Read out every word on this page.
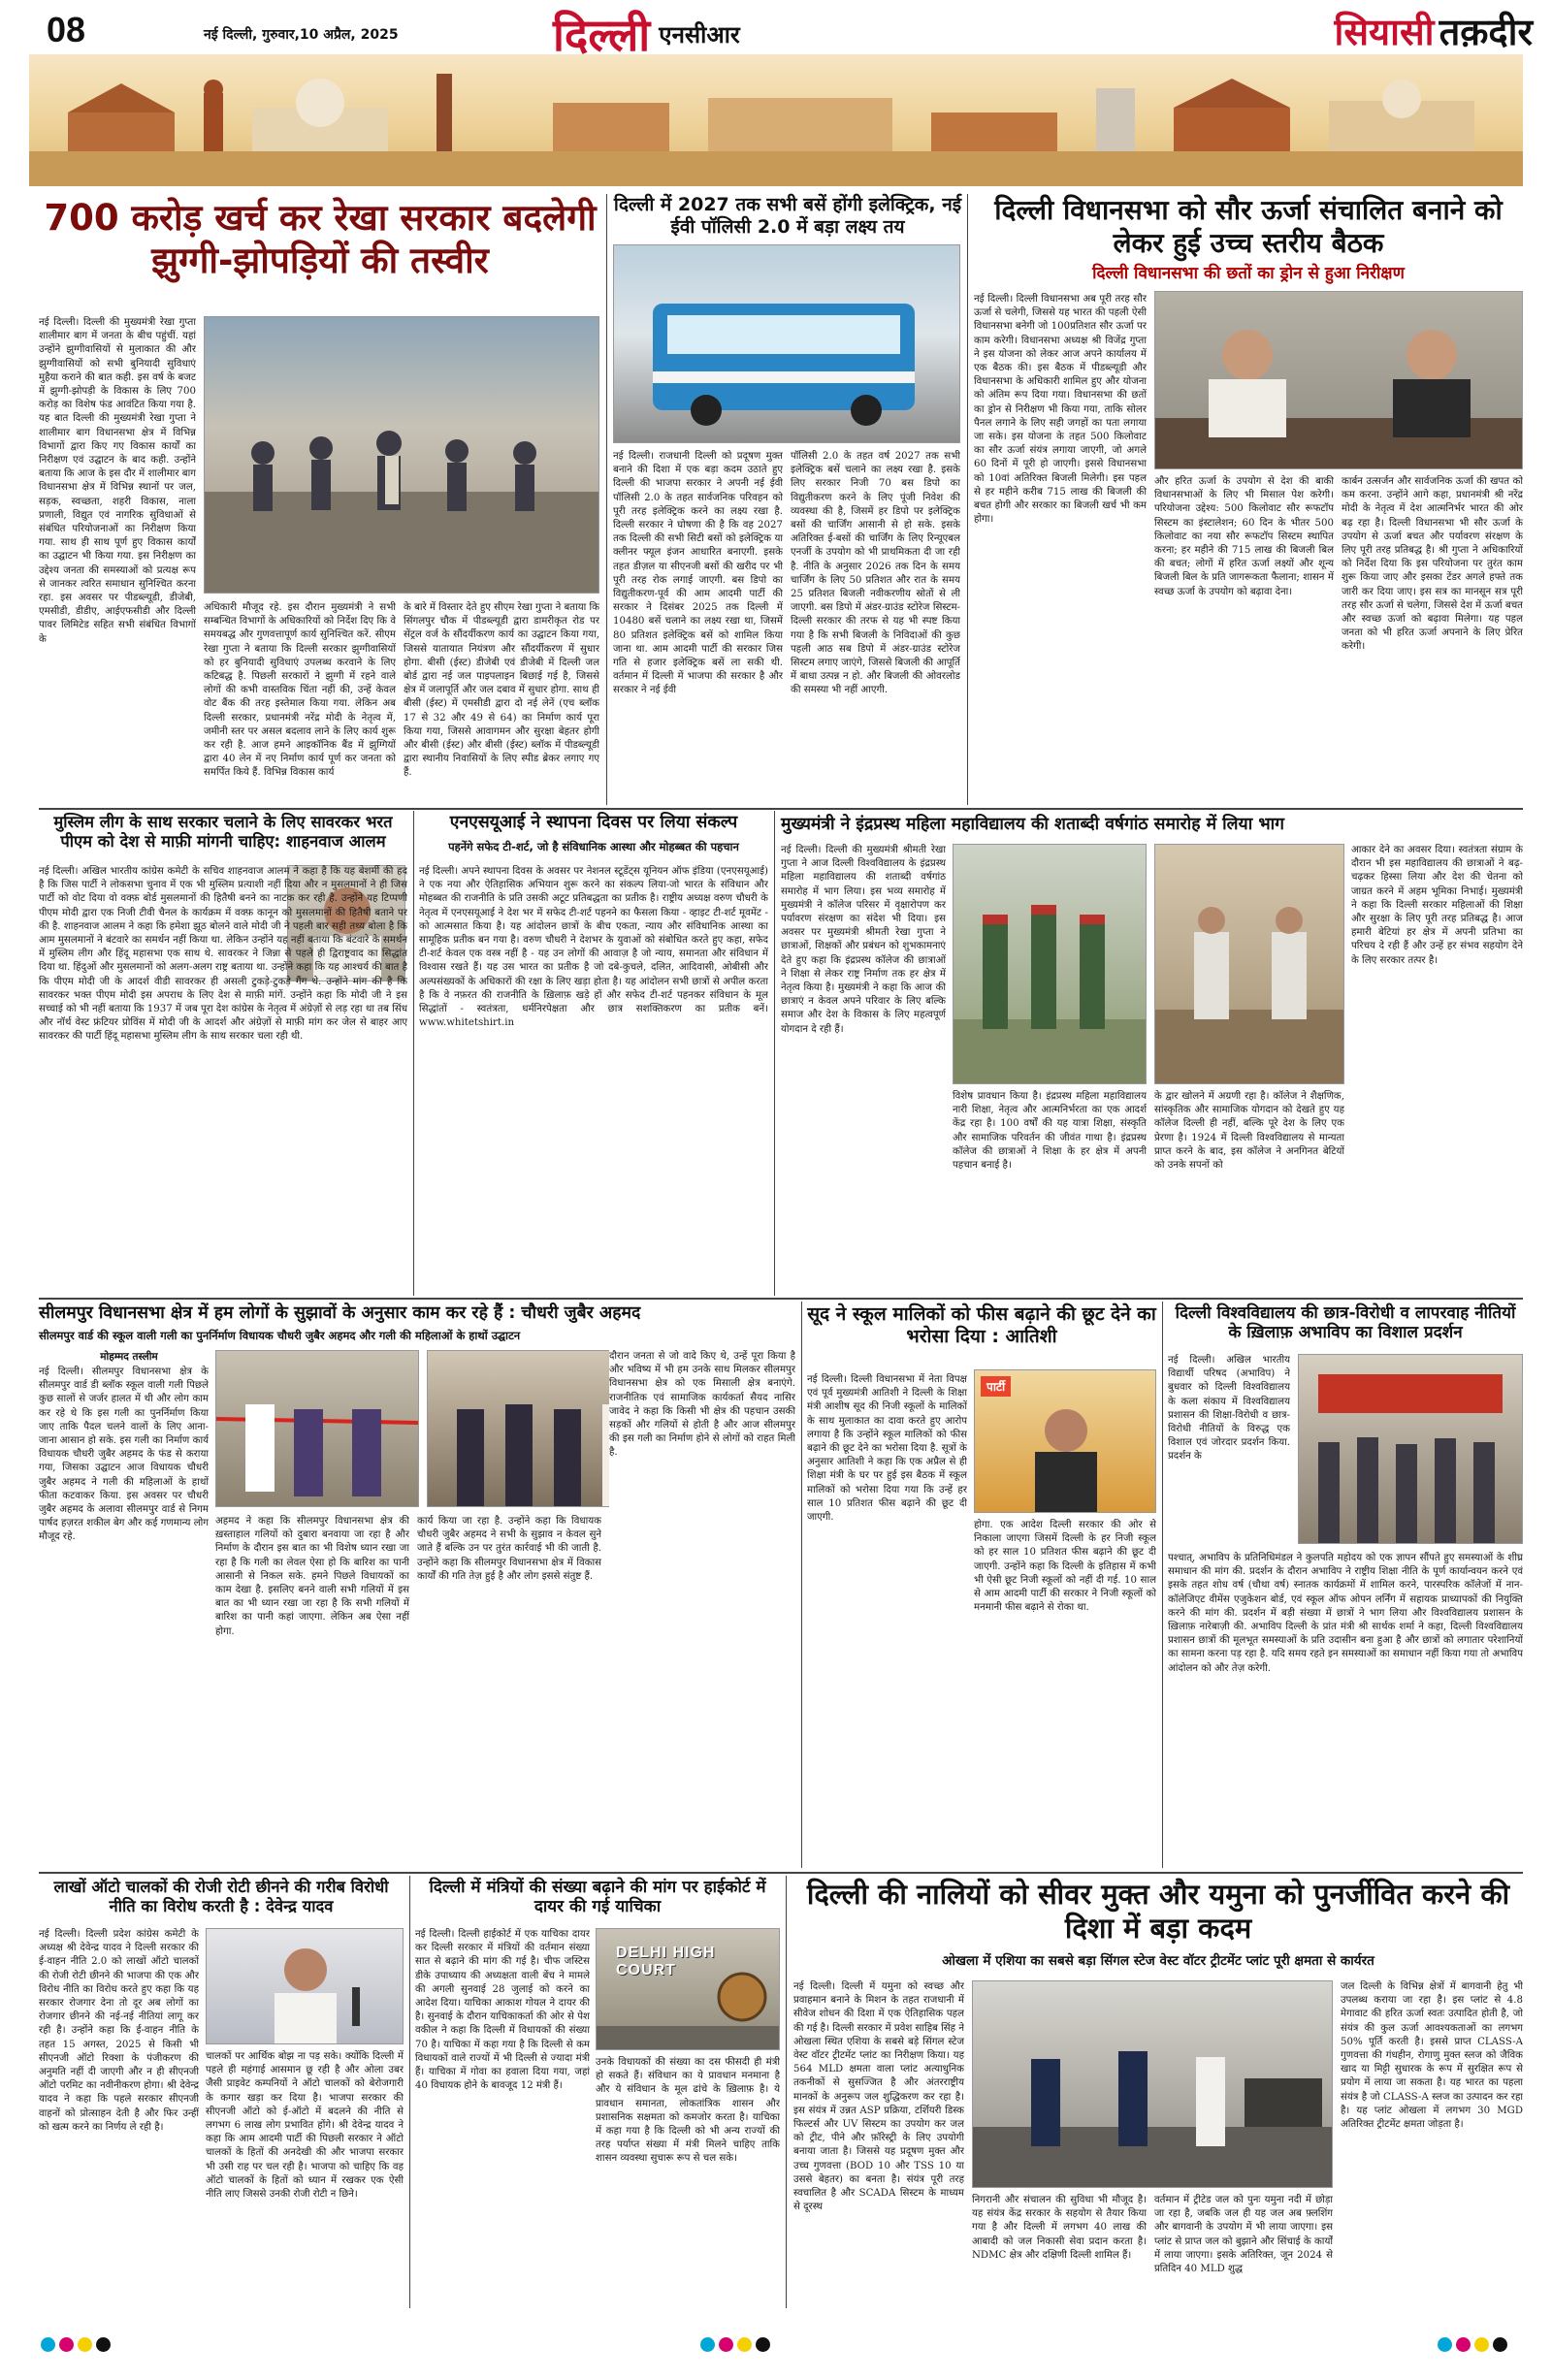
08	नई दिल्ली, गुरुवार,10 अप्रैल, 2025	दिल्ली एनसीआर	सियासी तक़दीर
700 करोड़ खर्च कर रेखा सरकार बदलेगी झुग्गी-झोपड़ियों की तस्वीर
नई दिल्ली। दिल्ली की मुख्यमंत्री रेखा गुप्ता शालीमार बाग में जनता के बीच पहुंचीं. यहां उन्होंने झुग्गीवासियों से मुलाकात की और झुग्गीवासियों को सभी बुनियादी सुविधाएं मुहैया कराने की बात कही. इस वर्ष के बजट में झुग्गी-झोपड़ी के विकास के लिए 700 करोड़ का विशेष फंड आवंटित किया गया है. यह बात दिल्ली की मुख्यमंत्री रेखा गुप्ता ने शालीमार बाग विधानसभा क्षेत्र में विभिन्न विभागों द्वारा किए गए विकास कार्यों का निरीक्षण एवं उद्घाटन के बाद कही. उन्होंने बताया कि आज के इस दौर में शालीमार बाग विधानसभा क्षेत्र में विभिन्न स्थानों पर जल, सड़क, स्वच्छता, शहरी विकास, नाला प्रणाली, विद्युत एवं नागरिक सुविधाओं से संबंधित परियोजनाओं का निरीक्षण किया गया. साथ ही साथ पूर्ण हुए विकास कार्यों का उद्घाटन भी किया गया. इस निरीक्षण का उद्देश्य जनता की समस्याओं को प्रत्यक्ष रूप से जानकर त्वरित समाधान सुनिश्चित करना रहा. इस अवसर पर पीडब्ल्यूडी, डीजेबी, एमसीडी, डीडीए, आईएफसीडी और दिल्ली पावर लिमिटेड सहित सभी संबंधित विभागों के
अधिकारी मौजूद रहे. इस दौरान मुख्यमंत्री ने सभी सम्बन्धित विभागों के अधिकारियों को निर्देश दिए कि वे समयबद्ध और गुणवत्तापूर्ण कार्य सुनिश्चित करें. सीएम रेखा गुप्ता ने बताया कि दिल्ली सरकार झुग्गीवासियों को हर बुनियादी सुविधाएं उपलब्ध करवाने के लिए कटिबद्ध है. पिछली सरकारों ने झुग्गी में रहने वाले लोगों की कभी वास्तविक चिंता नहीं की, उन्हें केवल वोट बैंक की तरह इस्तेमाल किया गया. लेकिन अब दिल्ली सरकार, प्रधानमंत्री नरेंद्र मोदी के नेतृत्व में, जमीनी स्तर पर असल बदलाव लाने के लिए कार्य शुरू कर रही है. आज हमने आइकॉनिक बैंड में झुग्गियों द्वारा 40 लेन में नए निर्माण कार्य पूर्ण कर जनता को समर्पित किये हैं. विभिन्न विकास कार्य
के बारे में विस्तार देते हुए सीएम रेखा गुप्ता ने बताया कि सिंगलपुर चौक में पीडब्ल्यूडी द्वारा डामरीकृत रोड पर सेंट्रल वर्ज के सौंदर्यीकरण कार्य का उद्घाटन किया गया, जिससे यातायात नियंत्रण और सौंदर्यीकरण में सुधार होगा. बीसी (ईस्ट) डीजेबी एवं डीजेबी में दिल्ली जल बोर्ड द्वारा नई जल पाइपलाइन बिछाई गई है, जिससे क्षेत्र में जलापूर्ति और जल दबाव में सुधार होगा. साथ ही बीसी (ईस्ट) में एमसीडी द्वारा दो नई लेनें (एच ब्लॉक 17 से 32 और 49 से 64) का निर्माण कार्य पूरा किया गया, जिससे आवागमन और सुरक्षा बेहतर होगी और बीसी (ईस्ट) और बीसी (ईस्ट) ब्लॉक में पीडब्ल्यूडी द्वारा स्थानीय निवासियों के लिए स्पीड ब्रेकर लगाए गए हैं.
दिल्ली में 2027 तक सभी बसें होंगी इलेक्ट्रिक, नई ईवी पॉलिसी 2.0 में बड़ा लक्ष्य तय
नई दिल्ली। राजधानी दिल्ली को प्रदूषण मुक्त बनाने की दिशा में एक बड़ा कदम उठाते हुए दिल्ली की भाजपा सरकार ने अपनी नई ईवी पॉलिसी 2.0 के तहत सार्वजनिक परिवहन को पूरी तरह इलेक्ट्रिक करने का लक्ष्य रखा है. दिल्ली सरकार ने घोषणा की है कि वह 2027 तक दिल्ली की सभी सिटी बसों को इलेक्ट्रिक या क्लीनर फ्यूल इंजन आधारित बनाएगी. इसके तहत डीज़ल या सीएनजी बसों की खरीद पर भी पूरी तरह रोक लगाई जाएगी. बस डिपो का विद्युतीकरण-पूर्व की आम आदमी पार्टी की सरकार ने दिसंबर 2025 तक दिल्ली में 10480 बसें चलाने का लक्ष्य रखा था, जिसमें 80 प्रतिशत इलेक्ट्रिक बसें को शामिल किया जाना था. आम आदमी पार्टी की सरकार जिस गति से हजार इलेक्ट्रिक बसें ला सकी थी. वर्तमान में दिल्ली में भाजपा की सरकार है और सरकार ने नई ईवी
पॉलिसी 2.0 के तहत वर्ष 2027 तक सभी इलेक्ट्रिक बसें चलाने का लक्ष्य रखा है. इसके लिए सरकार निजी 70 बस डिपो का विद्युतीकरण करने के लिए पूंजी निवेश की व्यवस्था की है, जिसमें हर डिपो पर इलेक्ट्रिक बसों की चार्जिंग आसानी से हो सके. इसके अतिरिक्त ई-बसों की चार्जिंग के लिए रिन्यूएबल एनर्जी के उपयोग को भी प्राथमिकता दी जा रही है. नीति के अनुसार 2026 तक दिन के समय चार्जिंग के लिए 50 प्रतिशत और रात के समय 25 प्रतिशत बिजली नवीकरणीय स्रोतों से ली जाएगी. बस डिपो में अंडर-ग्राउंड स्टोरेज सिस्टम- दिल्ली सरकार की तरफ से यह भी स्पष्ट किया गया है कि सभी बिजली के निविदाओं की कुछ पहली आठ सब डिपो में अंडर-ग्राउंड स्टोरेज सिस्टम लगाए जाएंगे, जिससे बिजली की आपूर्ति में बाधा उत्पन्न न हो. और बिजली की ओवरलोड की समस्या भी नहीं आएगी.
दिल्ली विधानसभा को सौर ऊर्जा संचालित बनाने को लेकर हुई उच्च स्तरीय बैठक
दिल्ली विधानसभा की छतों का ड्रोन से हुआ निरीक्षण
नई दिल्ली। दिल्ली विधानसभा अब पूरी तरह सौर ऊर्जा से चलेगी, जिससे यह भारत की पहली ऐसी विधानसभा बनेगी जो 100प्रतिशत सौर ऊर्जा पर काम करेगी। विधानसभा अध्यक्ष श्री विजेंद्र गुप्ता ने इस योजना को लेकर आज अपने कार्यालय में एक बैठक की। इस बैठक में पीडब्ल्यूडी और विधानसभा के अधिकारी शामिल हुए और योजना को अंतिम रूप दिया गया। विधानसभा की छतों का ड्रोन से निरीक्षण भी किया गया, ताकि सोलर पैनल लगाने के लिए सही जगहों का पता लगाया जा सके। इस योजना के तहत 500 किलोवाट का सौर ऊर्जा संयंत्र लगाया जाएगी, जो अगले 60 दिनों में पूरी हो जाएगी। इससे विधानसभा को 10वां अतिरिक्त बिजली मिलेगी। इस पहल से हर महीने करीब 715 लाख की बिजली की बचत होगी और सरकार का बिजली खर्च भी कम होगा।
और हरित ऊर्जा के उपयोग से देश की बाकी विधानसभाओं के लिए भी मिसाल पेश करेगी। परियोजना उद्देश्य: 500 किलोवाट सौर रूफटॉप सिस्टम का इंस्टालेशन; 60 दिन के भीतर 500 किलोवाट का नया सौर रूफटॉप सिस्टम स्थापित करना; हर महीने की 715 लाख की बिजली बिल की बचत; लोगों में हरित ऊर्जा लक्ष्यों और शून्य बिजली बिल के प्रति जागरूकता फैलाना; शासन में स्वच्छ ऊर्जा के उपयोग को बढ़ावा देना।
कार्बन उत्सर्जन और सार्वजनिक ऊर्जा की खपत को कम करना. उन्होंने आगे कहा, प्रधानमंत्री श्री नरेंद्र मोदी के नेतृत्व में देश आत्मनिर्भर भारत की ओर बढ़ रहा है। दिल्ली विधानसभा भी सौर ऊर्जा के उपयोग से ऊर्जा बचत और पर्यावरण संरक्षण के लिए पूरी तरह प्रतिबद्ध है। श्री गुप्ता ने अधिकारियों को निर्देश दिया कि इस परियोजना पर तुरंत काम शुरू किया जाए और इसका टेंडर अगले हफ्ते तक जारी कर दिया जाए। इस सत्र का मानसून सत्र पूरी तरह सौर ऊर्जा से चलेगा, जिससे देश में ऊर्जा बचत और स्वच्छ ऊर्जा को बढ़ावा मिलेगा। यह पहल जनता को भी हरित ऊर्जा अपनाने के लिए प्रेरित करेगी।
मुस्लिम लीग के साथ सरकार चलाने के लिए सावरकर भरत पीएम को देश से माफ़ी मांगनी चाहिए: शाहनवाज आलम
नई दिल्ली। अखिल भारतीय कांग्रेस कमेटी के सचिव शाहनवाज आलम ने कहा है कि यह बेशर्मी की हद है कि जिस पार्टी ने लोकसभा चुनाव में एक भी मुस्लिम प्रत्याशी नहीं दिया और न मुसलमानों ने ही जिस पार्टी को वोट दिया वो वक्फ़ बोर्ड मुसलमानों की हितैषी बनने का नाटक कर रही है. उन्होंने यह टिप्पणी पीएम मोदी द्वारा एक निजी टीवी चैनल के कार्यक्रम में वक्फ़ कानून को मुसलमानों की हितैषी बताने पर की है. शाहनवाज आलम ने कहा कि हमेशा झूठ बोलने वाले मोदी जी ने पहली बार सही तथ्य बोला है कि आम मुसलमानों ने बंटवारे का समर्थन नहीं किया था. लेकिन उन्होंने यह नहीं बताया कि बंटवारे के समर्थन में मुस्लिम लीग और हिंदू महासभा एक साथ थे. सावरकर ने जिन्ना से पहले ही द्विराष्ट्रवाद का सिद्धांत दिया था. हिंदुओं और मुसलमानों को अलग-अलग राष्ट्र बताया था. उन्होंने कहा कि यह आश्चर्य की बात है कि पीएम मोदी जी के आदर्श वीडी सावरकर ही असली टुकड़े-टुकड़े गैंग थे. उन्होंने मांग की है कि सावरकर भक्त पीएम मोदी इस अपराध के लिए देश से माफ़ी मांगें. उन्होंने कहा कि मोदी जी ने इस सच्चाई को भी नहीं बताया कि 1937 में जब पूरा देश कांग्रेस के नेतृत्व में अंग्रेज़ों से लड़ रहा था तब सिंध और नॉर्थ वेस्ट फ्रंटियर प्रोविंस में मोदी जी के आदर्श और अंग्रेज़ों से माफ़ी मांग कर जेल से बाहर आए सावरकर की पार्टी हिंदू महासभा मुस्लिम लीग के साथ सरकार चला रही थी.
एनएसयूआई ने स्थापना दिवस पर लिया संकल्प
पहनेंगे सफेद टी-शर्ट, जो है संविधानिक आस्था और मोहब्बत की पहचान
नई दिल्ली। अपने स्थापना दिवस के अवसर पर नेशनल स्टूडेंट्स यूनियन ऑफ इंडिया (एनएसयूआई) ने एक नया और ऐतिहासिक अभियान शुरू करने का संकल्प लिया-जो भारत के संविधान और मोहब्बत की राजनीति के प्रति उसकी अटूट प्रतिबद्धता का प्रतीक है। राष्ट्रीय अध्यक्ष वरुण चौधरी के नेतृत्व में एनएसयूआई ने देश भर में सफेद टी-शर्ट पहनने का फैसला किया - व्हाइट टी-शर्ट मूवमेंट - को आत्मसात किया है। यह आंदोलन छात्रों के बीच एकता, न्याय और संविधानिक आस्था का सामूहिक प्रतीक बन गया है। वरुण चौधरी ने देशभर के युवाओं को संबोधित करते हुए कहा, सफेद टी-शर्ट केवल एक वस्त्र नहीं है - यह उन लोगों की आवाज़ है जो न्याय, समानता और संविधान में विश्वास रखते हैं। यह उस भारत का प्रतीक है जो दबे-कुचले, दलित, आदिवासी, ओबीसी और अल्पसंख्यकों के अधिकारों की रक्षा के लिए खड़ा होता है। यह आंदोलन सभी छात्रों से अपील करता है कि वे नफ़रत की राजनीति के ख़िलाफ़ खड़े हों और सफेद टी-शर्ट पहनकर संविधान के मूल सिद्धांतों - स्वतंत्रता, धर्मनिरपेक्षता और छात्र सशक्तिकरण का प्रतीक बनें। www.whitetshirt.in
मुख्यमंत्री ने इंद्रप्रस्थ महिला महाविद्यालय की शताब्दी वर्षगांठ समारोह में लिया भाग
नई दिल्ली। दिल्ली की मुख्यमंत्री श्रीमती रेखा गुप्ता ने आज दिल्ली विश्वविद्यालय के इंद्रप्रस्थ महिला महाविद्यालय की शताब्दी वर्षगांठ समारोह में भाग लिया। इस भव्य समारोह में मुख्यमंत्री ने कॉलेज परिसर में वृक्षारोपण कर पर्यावरण संरक्षण का संदेश भी दिया। इस अवसर पर मुख्यमंत्री श्रीमती रेखा गुप्ता ने छात्राओं, शिक्षकों और प्रबंधन को शुभकामनाएं देते हुए कहा कि इंद्रप्रस्थ कॉलेज की छात्राओं ने शिक्षा से लेकर राष्ट्र निर्माण तक हर क्षेत्र में नेतृत्व किया है। मुख्यमंत्री ने कहा कि आज की छात्राएं न केवल अपने परिवार के लिए बल्कि समाज और देश के विकास के लिए महत्वपूर्ण योगदान दे रही हैं।
विशेष प्रावधान किया है। इंद्रप्रस्थ महिला महाविद्यालय नारी शिक्षा, नेतृत्व और आत्मनिर्भरता का एक आदर्श केंद्र रहा है। 100 वर्षों की यह यात्रा शिक्षा, संस्कृति और सामाजिक परिवर्तन की जीवंत गाथा है। इंद्रप्रस्थ कॉलेज की छात्राओं ने शिक्षा के हर क्षेत्र में अपनी पहचान बनाई है।
के द्वार खोलने में अग्रणी रहा है। कॉलेज ने शैक्षणिक, सांस्कृतिक और सामाजिक योगदान को देखते हुए यह कॉलेज दिल्ली ही नहीं, बल्कि पूरे देश के लिए एक प्रेरणा है। 1924 में दिल्ली विश्वविद्यालय से मान्यता प्राप्त करने के बाद, इस कॉलेज ने अनगिनत बेटियों को उनके सपनों को
आकार देने का अवसर दिया। स्वतंत्रता संग्राम के दौरान भी इस महाविद्यालय की छात्राओं ने बढ़-चढ़कर हिस्सा लिया और देश की चेतना को जाग्रत करने में अहम भूमिका निभाई। मुख्यमंत्री ने कहा कि दिल्ली सरकार महिलाओं की शिक्षा और सुरक्षा के लिए पूरी तरह प्रतिबद्ध है। आज हमारी बेटियां हर क्षेत्र में अपनी प्रतिभा का परिचय दे रही हैं और उन्हें हर संभव सहयोग देने के लिए सरकार तत्पर है।
सीलमपुर विधानसभा क्षेत्र में हम लोगों के सुझावों के अनुसार काम कर रहे हैं : चौधरी जुबैर अहमद
सीलमपुर वार्ड की स्कूल वाली गली का पुनर्निर्माण विधायक चौधरी जुबैर अहमद और गली की महिलाओं के हाथों उद्घाटन
मोहम्मद तस्लीम
नई दिल्ली। सीलमपुर विधानसभा क्षेत्र के सीलमपुर वार्ड डी ब्लॉक स्कूल वाली गली पिछले कुछ सालों से जर्जर हालत में थी और लोग काम कर रहे थे कि इस गली का पुनर्निर्माण किया जाए ताकि पैदल चलने वालों के लिए आना-जाना आसान हो सके. इस गली का निर्माण कार्य विधायक चौधरी जुबैर अहमद के फंड से कराया गया, जिसका उद्घाटन आज विधायक चौधरी जुबैर अहमद ने गली की महिलाओं के हाथों फीता कटवाकर किया. इस अवसर पर चौधरी जुबैर अहमद के अलावा सीलमपुर वार्ड से निगम पार्षद हज़रत शकील बेग और कई गणमान्य लोग मौजूद रहे.
अहमद ने कहा कि सीलमपुर विधानसभा क्षेत्र की ख़स्ताहाल गलियों को दुबारा बनवाया जा रहा है और निर्माण के दौरान इस बात का भी विशेष ध्यान रखा जा रहा है कि गली का लेवल ऐसा हो कि बारिश का पानी आसानी से निकल सके. हमने पिछले विधायकों का काम देखा है. इसलिए बनने वाली सभी गलियों में इस बात का भी ध्यान रखा जा रहा है कि सभी गलियों में बारिश का पानी कहां जाएगा. लेकिन अब ऐसा नहीं होगा.
कार्य किया जा रहा है. उन्होंने कहा कि विधायक चौधरी जुबैर अहमद ने सभी के सुझाव न केवल सुने जाते हैं बल्कि उन पर तुरंत कार्रवाई भी की जाती है. उन्होंने कहा कि सीलमपुर विधानसभा क्षेत्र में विकास कार्यों की गति तेज़ हुई है और लोग इससे संतुष्ट हैं.
दौरान जनता से जो वादे किए थे, उन्हें पूरा किया है और भविष्य में भी हम उनके साथ मिलकर सीलमपुर विधानसभा क्षेत्र को एक मिसाली क्षेत्र बनाएंगे. राजनीतिक एवं सामाजिक कार्यकर्ता सैयद नासिर जावेद ने कहा कि किसी भी क्षेत्र की पहचान उसकी सड़कों और गलियों से होती है और आज सीलमपुर की इस गली का निर्माण होने से लोगों को राहत मिली है.
सूद ने स्कूल मालिकों को फीस बढ़ाने की छूट देने का भरोसा दिया : आतिशी
नई दिल्ली। दिल्ली विधानसभा में नेता विपक्ष एवं पूर्व मुख्यमंत्री आतिशी ने दिल्ली के शिक्षा मंत्री आशीष सूद की निजी स्कूलों के मालिकों के साथ मुलाकात का दावा करते हुए आरोप लगाया है कि उन्होंने स्कूल मालिकों को फीस बढ़ाने की छूट देने का भरोसा दिया है. सूत्रों के अनुसार आतिशी ने कहा कि एक अप्रैल से ही शिक्षा मंत्री के घर पर हुई इस बैठक में स्कूल मालिकों को भरोसा दिया गया कि उन्हें हर साल 10 प्रतिशत फीस बढ़ाने की छूट दी जाएगी.
पार्टी
होगा. एक आदेश दिल्ली सरकार की ओर से निकाला जाएगा जिसमें दिल्ली के हर निजी स्कूल को हर साल 10 प्रतिशत फीस बढ़ाने की छूट दी जाएगी. उन्होंने कहा कि दिल्ली के इतिहास में कभी भी ऐसी छूट निजी स्कूलों को नहीं दी गई. 10 साल से आम आदमी पार्टी की सरकार ने निजी स्कूलों को मनमानी फीस बढ़ाने से रोका था.
दिल्ली विश्वविद्यालय की छात्र-विरोधी व लापरवाह नीतियों के ख़िलाफ़ अभाविप का विशाल प्रदर्शन
नई दिल्ली। अखिल भारतीय विद्यार्थी परिषद (अभाविप) ने बुधवार को दिल्ली विश्वविद्यालय के कला संकाय में विश्वविद्यालय प्रशासन की शिक्षा-विरोधी व छात्र-विरोधी नीतियों के विरुद्ध एक विशाल एवं जोरदार प्रदर्शन किया. प्रदर्शन के
पश्चात्, अभाविप के प्रतिनिधिमंडल ने कुलपति महोदय को एक ज्ञापन सौंपते हुए समस्याओं के शीघ्र समाधान की मांग की. प्रदर्शन के दौरान अभाविप ने राष्ट्रीय शिक्षा नीति के पूर्ण कार्यान्वयन करने एवं इसके तहत शोध वर्ष (चौथा वर्ष) स्नातक कार्यक्रमों में शामिल करने, पारस्परिक कॉलेजों में नान-कॉलेजिएट वीमेंस एजुकेशन बोर्ड, एवं स्कूल ऑफ ओपन लर्निंग में सहायक प्राध्यापकों की नियुक्ति करने की मांग की. प्रदर्शन में बड़ी संख्या में छात्रों ने भाग लिया और विश्वविद्यालय प्रशासन के ख़िलाफ़ नारेबाज़ी की. अभाविप दिल्ली के प्रांत मंत्री श्री सार्थक शर्मा ने कहा, दिल्ली विश्वविद्यालय प्रशासन छात्रों की मूलभूत समस्याओं के प्रति उदासीन बना हुआ है और छात्रों को लगातार परेशानियों का सामना करना पड़ रहा है. यदि समय रहते इन समस्याओं का समाधान नहीं किया गया तो अभाविप आंदोलन को और तेज़ करेगी.
लाखों ऑटो चालकों की रोजी रोटी छीनने की गरीब विरोधी नीति का विरोध करती है : देवेन्द्र यादव
नई दिल्ली। दिल्ली प्रदेश कांग्रेस कमेटी के अध्यक्ष श्री देवेन्द्र यादव ने दिल्ली सरकार की ई-वाहन नीति 2.0 को लाखों ऑटो चालकों की रोजी रोटी छीनने की भाजपा की एक और विरोध नीति का विरोध करते हुए कहा कि यह सरकार रोजगार देना तो दूर अब लोगों का रोजगार छीनने की नई-नई नीतियां लागू कर रही है। उन्होंने कहा कि ई-वाहन नीति के तहत 15 अगस्त, 2025 से किसी भी सीएनजी ऑटो रिक्शा के पंजीकरण की अनुमति नहीं दी जाएगी और न ही सीएनजी ऑटो परमिट का नवीनीकरण होगा। श्री देवेन्द्र यादव ने कहा कि पहले सरकार सीएनजी वाहनों को प्रोत्साहन देती है और फिर उन्हीं को खत्म करने का निर्णय ले रही है।
चालकों पर आर्थिक बोझ ना पड़ सके। क्योंकि दिल्ली में पहले ही महंगाई आसमान छू रही है और ओला उबर जैसी प्राइवेट कम्पनियों ने ऑटो चालकों को बेरोजगारी के कगार खड़ा कर दिया है। भाजपा सरकार की सीएनजी ऑटो को ई-ऑटो में बदलने की नीति से लगभग 6 लाख लोग प्रभावित होंगे। श्री देवेन्द्र यादव ने कहा कि आम आदमी पार्टी की पिछली सरकार ने ऑटो चालकों के हितों की अनदेखी की और भाजपा सरकार भी उसी राह पर चल रही है। भाजपा को चाहिए कि वह ऑटो चालकों के हितों को ध्यान में रखकर एक ऐसी नीति लाए जिससे उनकी रोजी रोटी न छिने।
दिल्ली में मंत्रियों की संख्या बढ़ाने की मांग पर हाईकोर्ट में दायर की गई याचिका
नई दिल्ली। दिल्ली हाईकोर्ट में एक याचिका दायर कर दिल्ली सरकार में मंत्रियों की वर्तमान संख्या सात से बढ़ाने की मांग की गई है। चीफ जस्टिस डीके उपाध्याय की अध्यक्षता वाली बेंच ने मामले की अगली सुनवाई 28 जुलाई को करने का आदेश दिया। याचिका आकाश गोयल ने दायर की है। सुनवाई के दौरान याचिकाकर्ता की ओर से पेश वकील ने कहा कि दिल्ली में विधायकों की संख्या 70 है। याचिका में कहा गया है कि दिल्ली से कम विधायकों वाले राज्यों में भी दिल्ली से ज्यादा मंत्री हैं। याचिका में गोवा का हवाला दिया गया, जहां 40 विधायक होने के बावजूद 12 मंत्री हैं।
DELHI HIGH COURT
उनके विधायकों की संख्या का दस फीसदी ही मंत्री हो सकते हैं। संविधान का ये प्रावधान मनमाना है और ये संविधान के मूल ढांचे के ख़िलाफ़ है। ये प्रावधान समानता, लोकतांत्रिक शासन और प्रशासनिक सक्षमता को कमजोर करता है। याचिका में कहा गया है कि दिल्ली को भी अन्य राज्यों की तरह पर्याप्त संख्या में मंत्री मिलने चाहिए ताकि शासन व्यवस्था सुचारू रूप से चल सके।
दिल्ली की नालियों को सीवर मुक्त और यमुना को पुनर्जीवित करने की दिशा में बड़ा कदम
ओखला में एशिया का सबसे बड़ा सिंगल स्टेज वेस्ट वॉटर ट्रीटमेंट प्लांट पूरी क्षमता से कार्यरत
नई दिल्ली। दिल्ली में यमुना को स्वच्छ और प्रवाहमान बनाने के मिशन के तहत राजधानी में सीवेज शोधन की दिशा में एक ऐतिहासिक पहल की गई है। दिल्ली सरकार में प्रवेश साहिब सिंह ने ओखला स्थित एशिया के सबसे बड़े सिंगल स्टेज वेस्ट वॉटर ट्रीटमेंट प्लांट का निरीक्षण किया। यह 564 MLD क्षमता वाला प्लांट अत्याधुनिक तकनीकों से सुसज्जित है और अंतरराष्ट्रीय मानकों के अनुरूप जल शुद्धिकरण कर रहा है। इस संयंत्र में उन्नत ASP प्रक्रिया, टर्शियरी डिस्क फिल्टर्स और UV सिस्टम का उपयोग कर जल को ट्रीट, पीने और फ़ॉरेस्ट्री के लिए उपयोगी बनाया जाता है। जिससे यह प्रदूषण मुक्त और उच्च गुणवत्ता (BOD 10 और TSS 10 या उससे बेहतर) का बनता है। संयंत्र पूरी तरह स्वचालित है और SCADA सिस्टम के माध्यम से दूरस्थ
निगरानी और संचालन की सुविधा भी मौजूद है। यह संयंत्र केंद्र सरकार के सहयोग से तैयार किया गया है और दिल्ली में लगभग 40 लाख की आबादी को जल निकासी सेवा प्रदान करता है। NDMC क्षेत्र और दक्षिणी दिल्ली शामिल हैं।
वर्तमान में ट्रीटेड जल को पुनः यमुना नदी में छोड़ा जा रहा है, जबकि जल ही यह जल अब फ़्लशिंग और बागवानी के उपयोग में भी लाया जाएगा। इस प्लांट से प्राप्त जल को बुझाने और सिंचाई के कार्यों में लाया जाएगा। इसके अतिरिक्त, जून 2024 से प्रतिदिन 40 MLD शुद्ध
जल दिल्ली के विभिन्न क्षेत्रों में बागवानी हेतु भी उपलब्ध कराया जा रहा है। इस प्लांट से 4.8 मेगावाट की हरित ऊर्जा स्वतः उत्पादित होती है, जो संयंत्र की कुल ऊर्जा आवश्यकताओं का लगभग 50% पूर्ति करती है। इससे प्राप्त CLASS-A गुणवत्ता की गंधहीन, रोगाणु मुक्त स्लज को जैविक खाद या मिट्टी सुधारक के रूप में सुरक्षित रूप से प्रयोग में लाया जा सकता है। यह भारत का पहला संयंत्र है जो CLASS-A स्लज का उत्पादन कर रहा है। यह प्लांट ओखला में लगभग 30 MGD अतिरिक्त ट्रीटमेंट क्षमता जोड़ता है।
